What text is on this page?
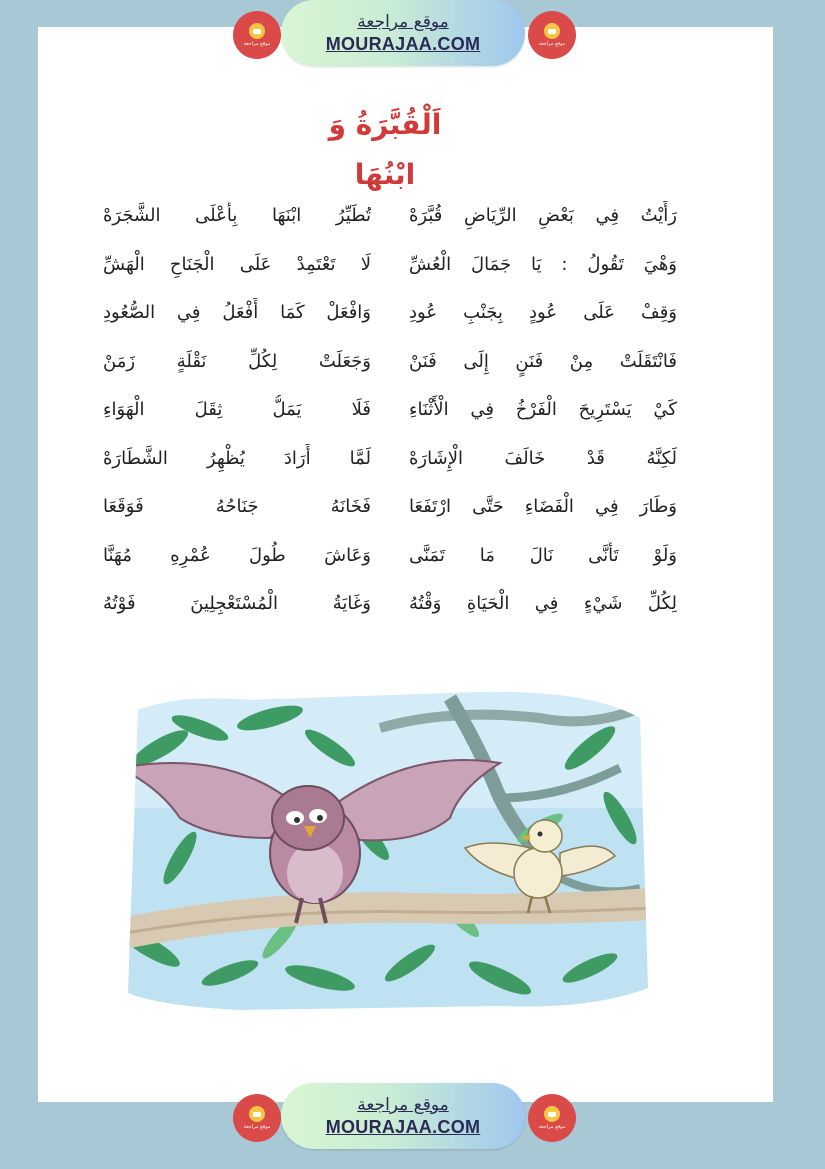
موقع مراجعة
موقع مراجعة
MOURAJAA.COM	موقع مراجعة
اَلْقُبَّرَةُ وَ ابْنُهَا
رَأَيْتُ فِي بَعْضِ الرِّيَاضِ قُبَّرَهْ
تُطَيِّرُ ابْنَهَا بِأَعْلَى الشَّجَرَهْ
وَهْيَ تَقُولُ : يَا جَمَالَ الْعُشِّ
لَا تَعْتَمِدْ عَلَى الْجَنَاحِ الْهَشِّ
وَقِفْ عَلَى عُودٍ بِجَنْبِ عُودِ
وَافْعَلْ كَمَا أَفْعَلُ فِي الصُّعُودِ
فَانْتَقَلَتْ مِنْ فَنَنٍ إِلَى فَنَنْ
وَجَعَلَتْ لِكُلِّ نَقْلَةٍ زَمَنْ
كَيْ يَسْتَرِيحَ الْفَرْخُ فِي الْأَثْنَاءِ
فَلَا يَمَلُّ ثِقَلَ الْهَوَاءِ
لَكِنَّهُ قَدْ خَالَفَ الْإِشَارَهْ
لَمَّا أَرَادَ يُظْهِرُ الشَّطَارَهْ
وَطَارَ فِي الْفَضَاءِ حَتَّى ارْتَفَعَا
فَخَانَهُ جَنَاحُهُ فَوَقَعَا
وَلَوْ تَأَنَّى نَالَ مَا تَمَنَّى
وَعَاشَ طُولَ عُمْرِهِ مُهَنَّا
لِكُلِّ شَيْءٍ فِي الْحَيَاةِ وَقْتُهُ
وَغَايَةُ الْمُسْتَعْجِلِينَ فَوْتُهُ
موقع مراجعة
موقع مراجعة
MOURAJAA.COM	موقع مراجعة
